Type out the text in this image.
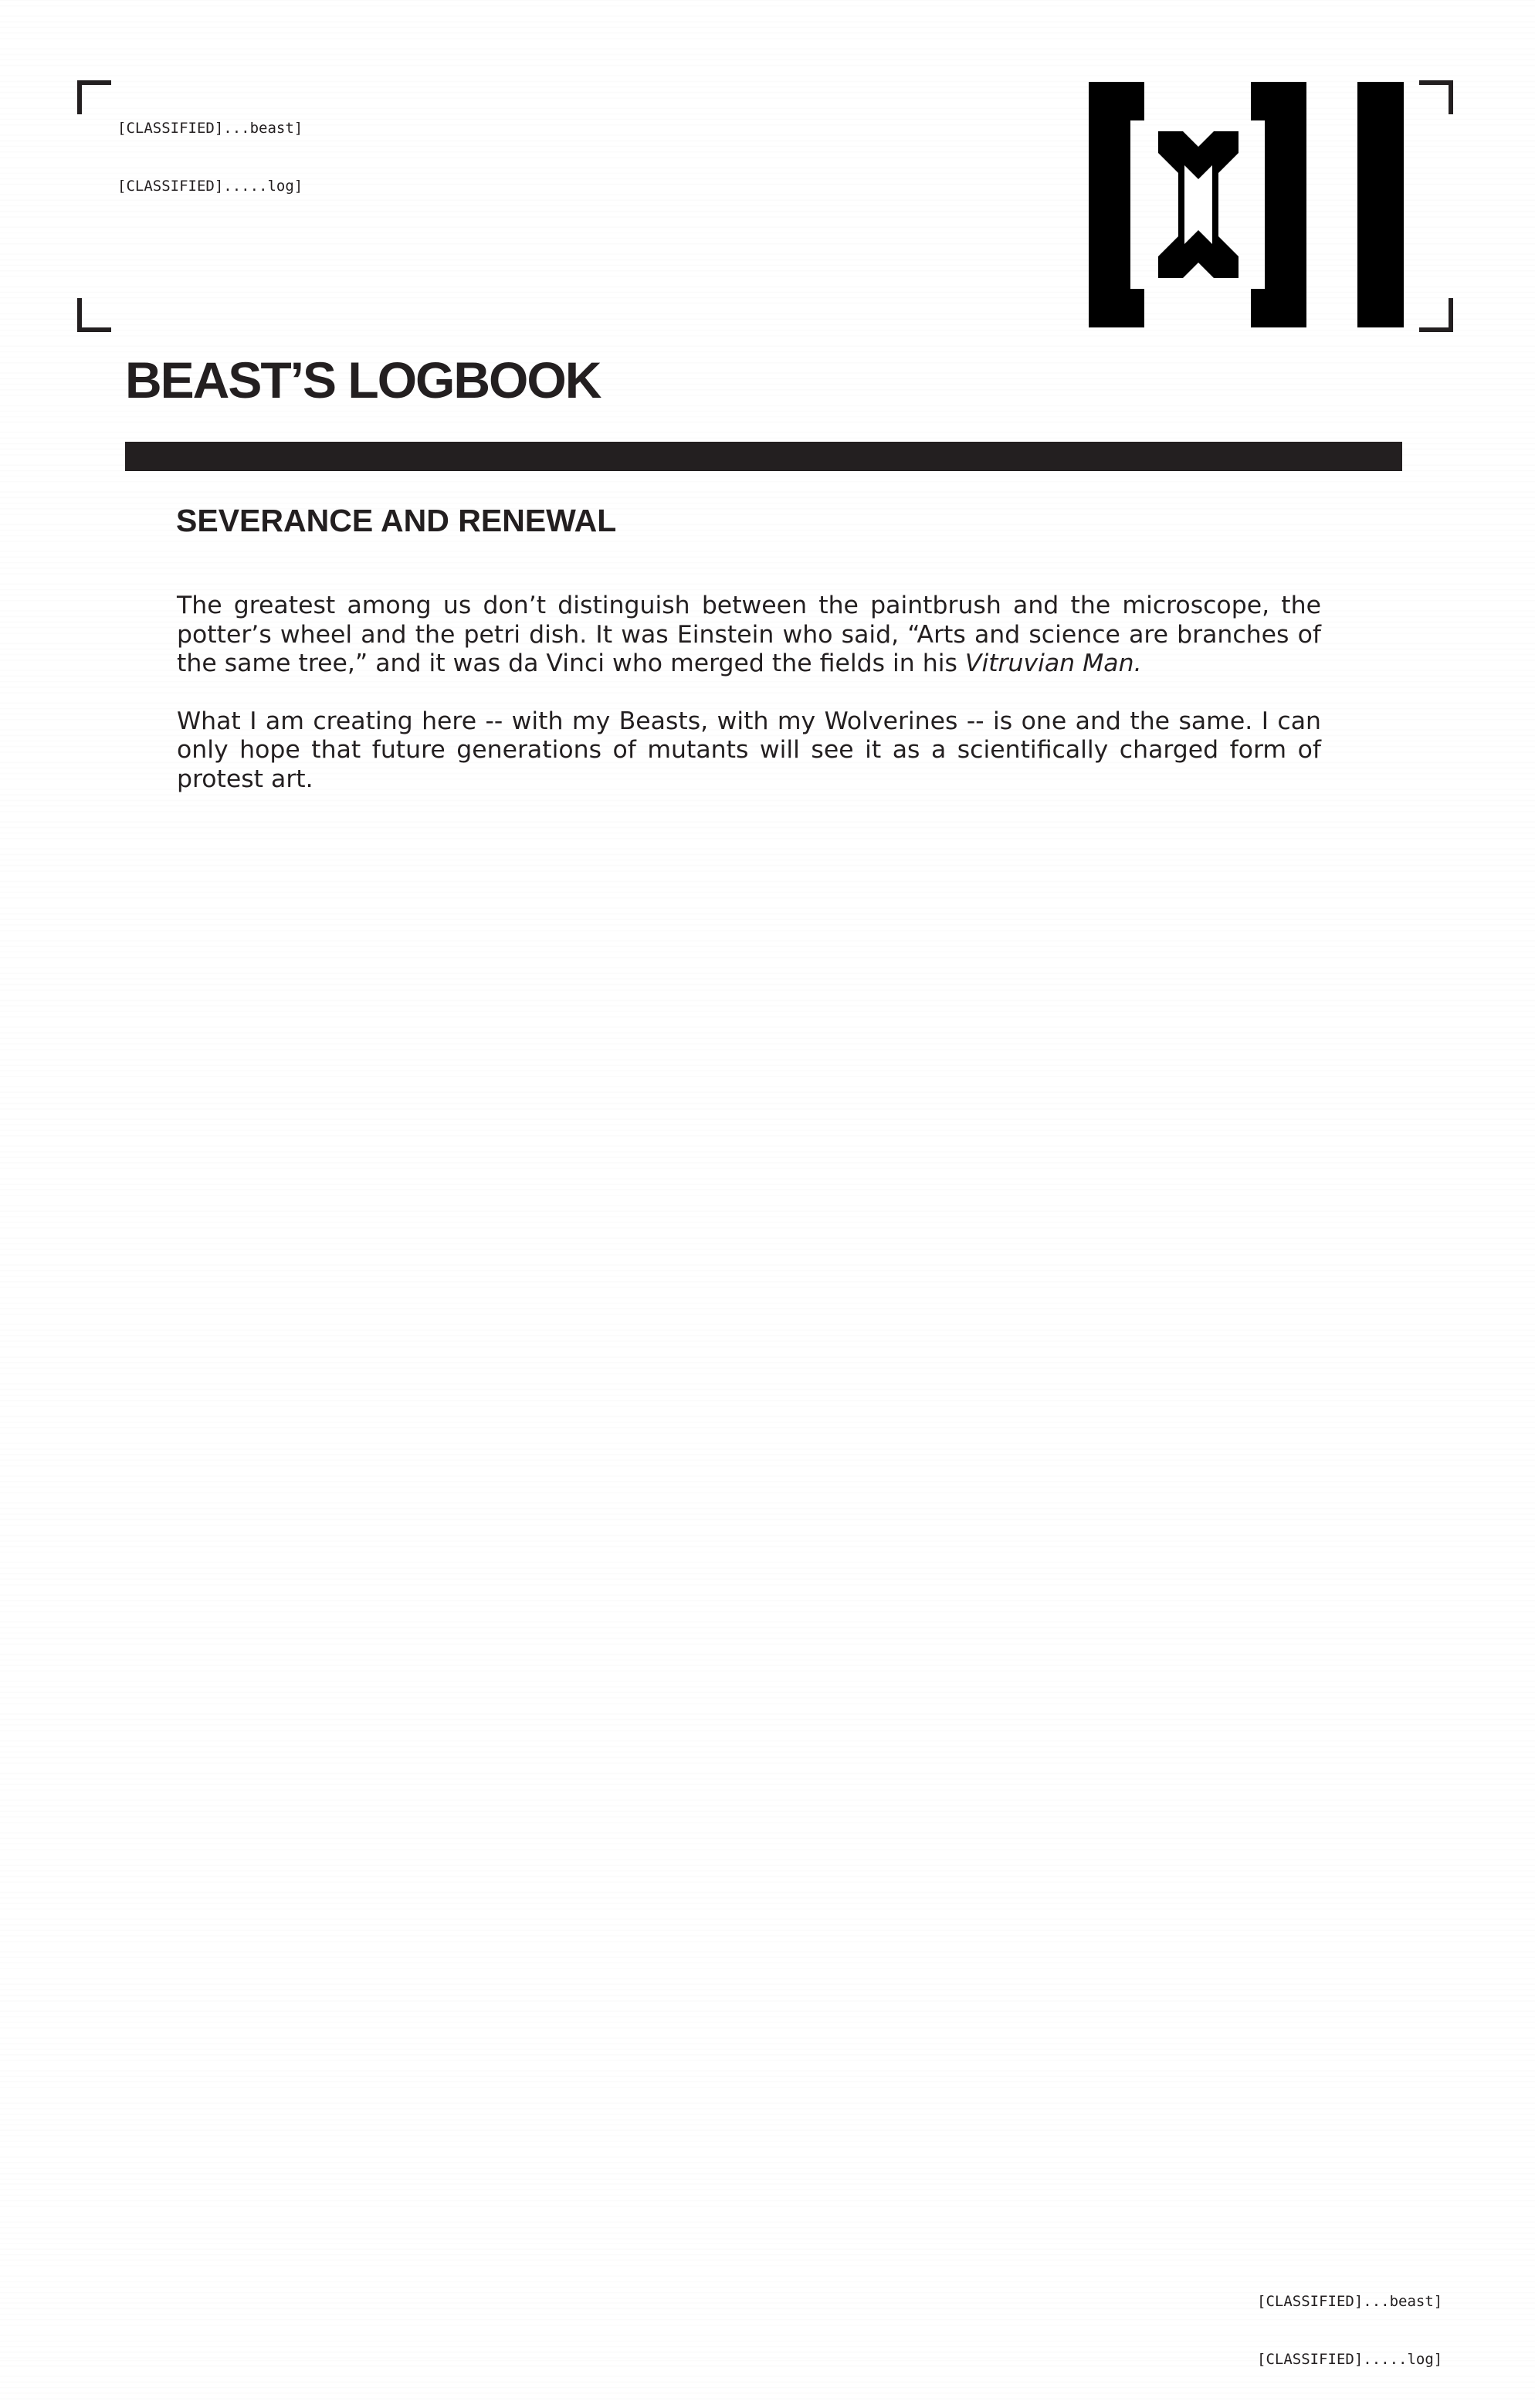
[CLASSIFIED]...beast]

[CLASSIFIED].....log]

BEAST’S LOGBOOK
SEVERANCE AND RENEWAL

The greatest among us don’t distinguish between the paintbrush and the microscope, the potter’s wheel and the petri dish. It was Einstein who said, “Arts and science are branches of the same tree,” and it was da Vinci who merged the fields in his Vitruvian Man.

What I am creating here -- with my Beasts, with my Wolverines -- is one and the same. I can only hope that future generations of mutants will see it as a scientifically charged form of protest art.

[CLASSIFIED]...beast]

[CLASSIFIED].....log]
